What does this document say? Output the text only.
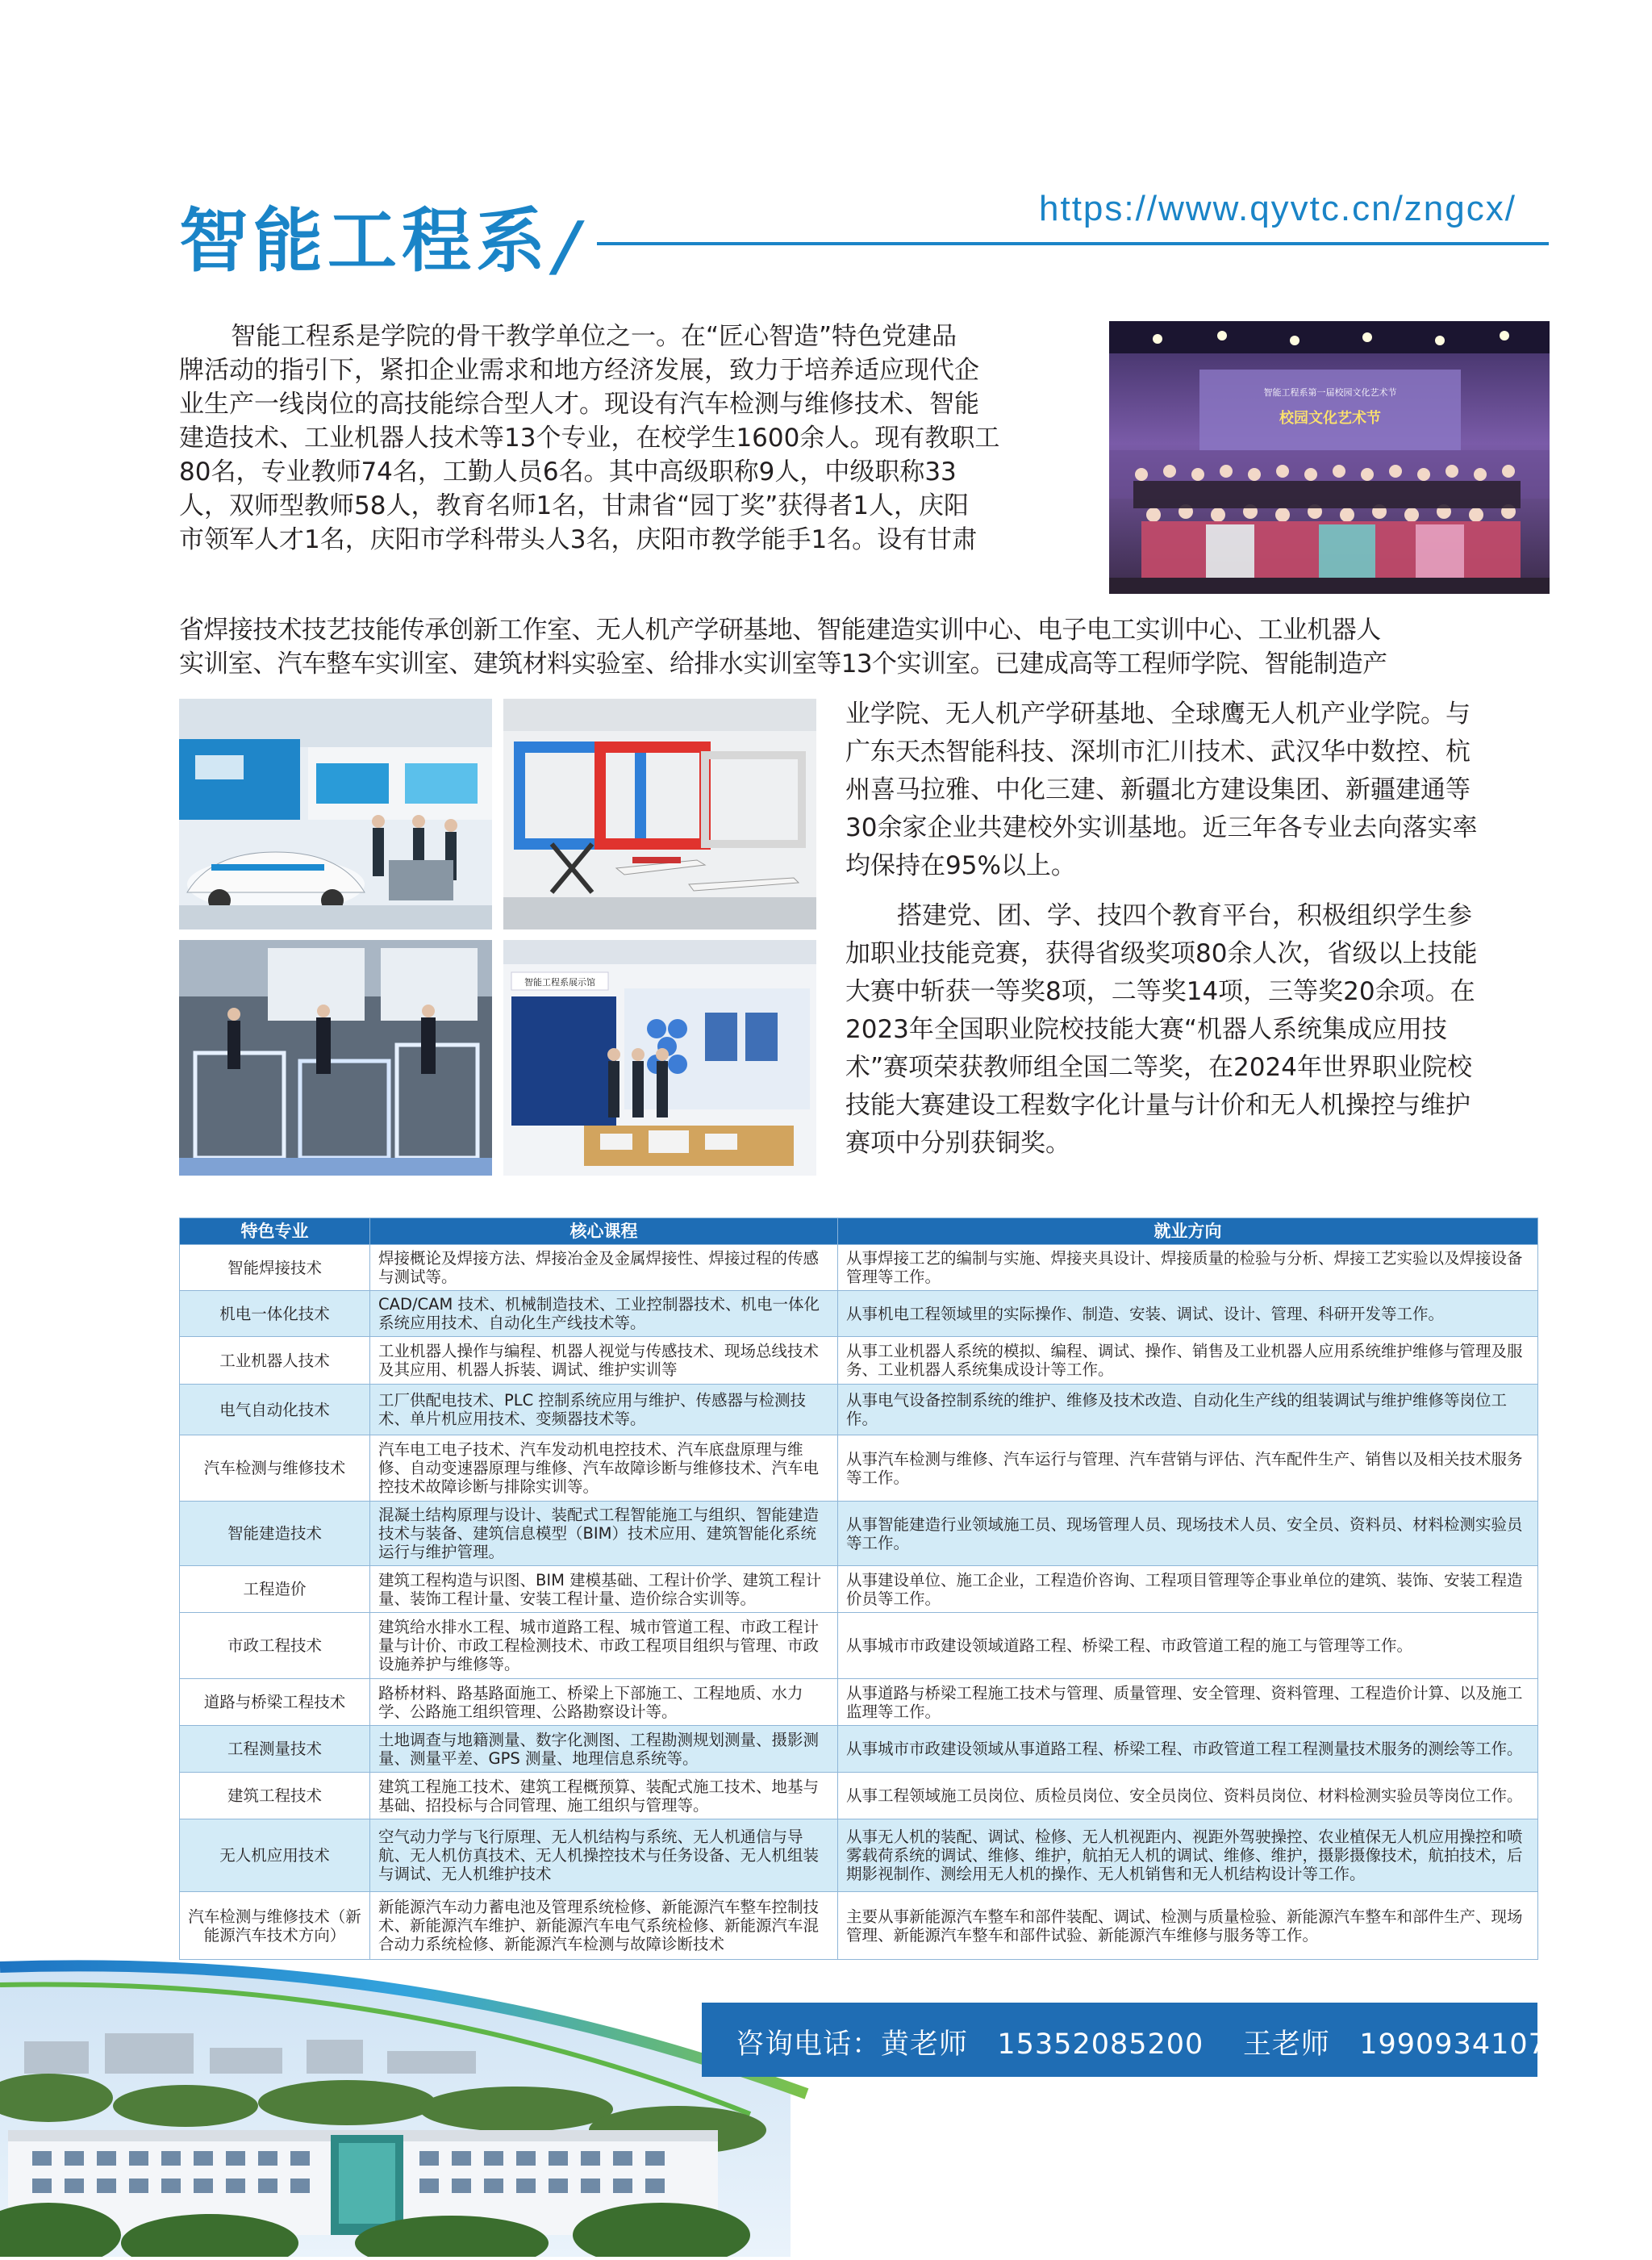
智能工程系
/	https://www.qyvtc.cn/zngcx/
智能工程系第一届校园文化艺术节
校园文化艺术节
智能工程系是学院的骨干教学单位之一。在“匠心智造”特色党建品
牌活动的指引下，紧扣企业需求和地方经济发展，致力于培养适应现代企
业生产一线岗位的高技能综合型人才。现设有汽车检测与维修技术、智能
建造技术、工业机器人技术等13个专业，在校学生1600余人。现有教职工
80名，专业教师74名，工勤人员6名。其中高级职称9人，中级职称33
人，双师型教师58人，教育名师1名，甘肃省“园丁奖”获得者1人，庆阳
市领军人才1名，庆阳市学科带头人3名，庆阳市教学能手1名。设有甘肃
省焊接技术技艺技能传承创新工作室、无人机产学研基地、智能建造实训中心、电子电工实训中心、工业机器人
实训室、汽车整车实训室、建筑材料实验室、给排水实训室等13个实训室。已建成高等工程师学院、智能制造产
业学院、无人机产学研基地、全球鹰无人机产业学院。与
广东天杰智能科技、深圳市汇川技术、武汉华中数控、杭
州喜马拉雅、中化三建、新疆北方建设集团、新疆建通等
30余家企业共建校外实训基地。近三年各专业去向落实率
均保持在95%以上。
搭建党、团、学、技四个教育平台，积极组织学生参
加职业技能竞赛，获得省级奖项80余人次，省级以上技能
大赛中斩获一等奖8项，二等奖14项，三等奖20余项。在
2023年全国职业院校技能大赛“机器人系统集成应用技
术”赛项荣获教师组全国二等奖，在2024年世界职业院校
技能大赛建设工程数字化计量与计价和无人机操控与维护
赛项中分别获铜奖。
智能工程系展示馆
特色专业	核心课程	就业方向
智能焊接技术	焊接概论及焊接方法、焊接冶金及金属焊接性、焊接过程的传感与测试等。	从事焊接工艺的编制与实施、焊接夹具设计、焊接质量的检验与分析、焊接工艺实验以及焊接设备管理等工作。
机电一体化技术	CAD/CAM 技术、机械制造技术、工业控制器技术、机电一体化系统应用技术、自动化生产线技术等。	从事机电工程领域里的实际操作、制造、安装、调试、设计、管理、科研开发等工作。
工业机器人技术	工业机器人操作与编程、机器人视觉与传感技术、现场总线技术及其应用、机器人拆装、调试、维护实训等	从事工业机器人系统的模拟、编程、调试、操作、销售及工业机器人应用系统维护维修与管理及服务、工业机器人系统集成设计等工作。
电气自动化技术	工厂供配电技术、PLC 控制系统应用与维护、传感器与检测技术、单片机应用技术、变频器技术等。	从事电气设备控制系统的维护、维修及技术改造、自动化生产线的组装调试与维护维修等岗位工作。
汽车检测与维修技术	汽车电工电子技术、汽车发动机电控技术、汽车底盘原理与维修、自动变速器原理与维修、汽车故障诊断与维修技术、汽车电控技术故障诊断与排除实训等。	从事汽车检测与维修、汽车运行与管理、汽车营销与评估、汽车配件生产、销售以及相关技术服务等工作。
智能建造技术	混凝土结构原理与设计、装配式工程智能施工与组织、智能建造技术与装备、建筑信息模型（BIM）技术应用、建筑智能化系统运行与维护管理。	从事智能建造行业领域施工员、现场管理人员、现场技术人员、安全员、资料员、材料检测实验员等工作。
工程造价	建筑工程构造与识图、BIM 建模基础、工程计价学、建筑工程计量、装饰工程计量、安装工程计量、造价综合实训等。	从事建设单位、施工企业，工程造价咨询、工程项目管理等企事业单位的建筑、装饰、安装工程造价员等工作。
市政工程技术	建筑给水排水工程、城市道路工程、城市管道工程、市政工程计量与计价、市政工程检测技术、市政工程项目组织与管理、市政设施养护与维修等。	从事城市市政建设领域道路工程、桥梁工程、市政管道工程的施工与管理等工作。
道路与桥梁工程技术	路桥材料、路基路面施工、桥梁上下部施工、工程地质、水力学、公路施工组织管理、公路勘察设计等。	从事道路与桥梁工程施工技术与管理、质量管理、安全管理、资料管理、工程造价计算、以及施工监理等工作。
工程测量技术	土地调查与地籍测量、数字化测图、工程勘测规划测量、摄影测量、测量平差、GPS 测量、地理信息系统等。	从事城市市政建设领域从事道路工程、桥梁工程、市政管道工程工程测量技术服务的测绘等工作。
建筑工程技术	建筑工程施工技术、建筑工程概预算、装配式施工技术、地基与基础、招投标与合同管理、施工组织与管理等。	从事工程领域施工员岗位、质检员岗位、安全员岗位、资料员岗位、材料检测实验员等岗位工作。
无人机应用技术	空气动力学与飞行原理、无人机结构与系统、无人机通信与导航、无人机仿真技术、无人机操控技术与任务设备、无人机组装与调试、无人机维护技术	从事无人机的装配、调试、检修、无人机视距内、视距外驾驶操控、农业植保无人机应用操控和喷雾载荷系统的调试、维修、维护，航拍无人机的调试、维修、维护，摄影摄像技术，航拍技术，后期影视制作、测绘用无人机的操作、无人机销售和无人机结构设计等工作。
汽车检测与维修技术（新能源汽车技术方向）	新能源汽车动力蓄电池及管理系统检修、新能源汽车整车控制技术、新能源汽车维护、新能源汽车电气系统检修、新能源汽车混合动力系统检修、新能源汽车检测与故障诊断技术	主要从事新能源汽车整车和部件装配、调试、检测与质量检验、新能源汽车整车和部件生产、现场管理、新能源汽车整车和部件试验、新能源汽车维修与服务等工作。
咨询电话：黄老师   15352085200    王老师   19909341078
